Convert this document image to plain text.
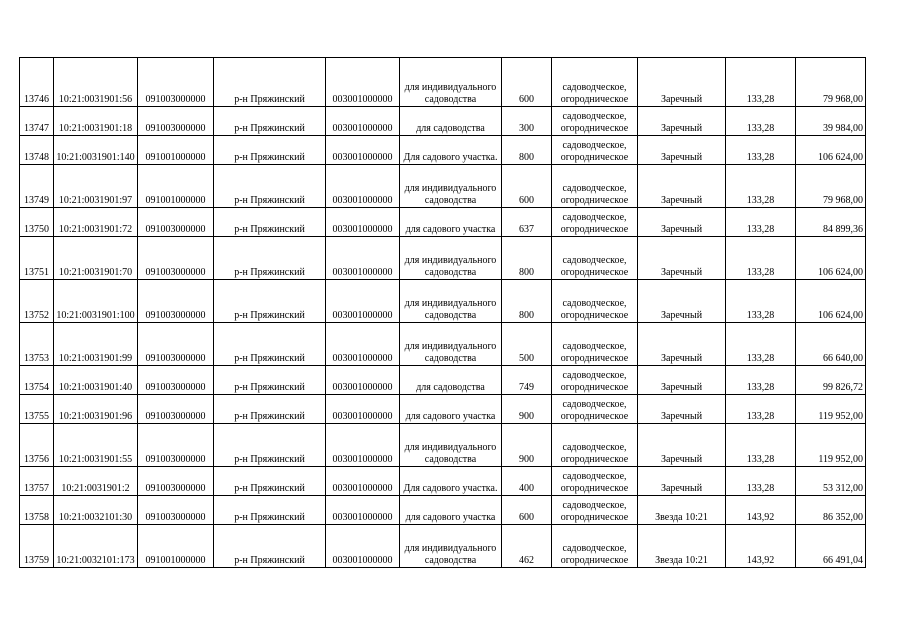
13746	10:21:0031901:56	091003000000	р-н Пряжинский	003001000000	для индивидуального садоводства	600	садоводческое, огородническое	Заречный	133,28	79 968,00
13747	10:21:0031901:18	091003000000	р-н Пряжинский	003001000000	для садоводства	300	садоводческое, огородническое	Заречный	133,28	39 984,00
13748	10:21:0031901:140	091001000000	р-н Пряжинский	003001000000	Для садового участка.	800	садоводческое, огородническое	Заречный	133,28	106 624,00
13749	10:21:0031901:97	091001000000	р-н Пряжинский	003001000000	для индивидуального садоводства	600	садоводческое, огородническое	Заречный	133,28	79 968,00
13750	10:21:0031901:72	091003000000	р-н Пряжинский	003001000000	для садового участка	637	садоводческое, огородническое	Заречный	133,28	84 899,36
13751	10:21:0031901:70	091003000000	р-н Пряжинский	003001000000	для индивидуального садоводства	800	садоводческое, огородническое	Заречный	133,28	106 624,00
13752	10:21:0031901:100	091003000000	р-н Пряжинский	003001000000	для индивидуального садоводства	800	садоводческое, огородническое	Заречный	133,28	106 624,00
13753	10:21:0031901:99	091003000000	р-н Пряжинский	003001000000	для индивидуального садоводства	500	садоводческое, огородническое	Заречный	133,28	66 640,00
13754	10:21:0031901:40	091003000000	р-н Пряжинский	003001000000	для садоводства	749	садоводческое, огородническое	Заречный	133,28	99 826,72
13755	10:21:0031901:96	091003000000	р-н Пряжинский	003001000000	для садового участка	900	садоводческое, огородническое	Заречный	133,28	119 952,00
13756	10:21:0031901:55	091003000000	р-н Пряжинский	003001000000	для индивидуального садоводства	900	садоводческое, огородническое	Заречный	133,28	119 952,00
13757	10:21:0031901:2	091003000000	р-н Пряжинский	003001000000	Для садового участка.	400	садоводческое, огородническое	Заречный	133,28	53 312,00
13758	10:21:0032101:30	091003000000	р-н Пряжинский	003001000000	для садового участка	600	садоводческое, огородническое	Звезда 10:21	143,92	86 352,00
13759	10:21:0032101:173	091001000000	р-н Пряжинский	003001000000	для индивидуального садоводства	462	садоводческое, огородническое	Звезда 10:21	143,92	66 491,04
